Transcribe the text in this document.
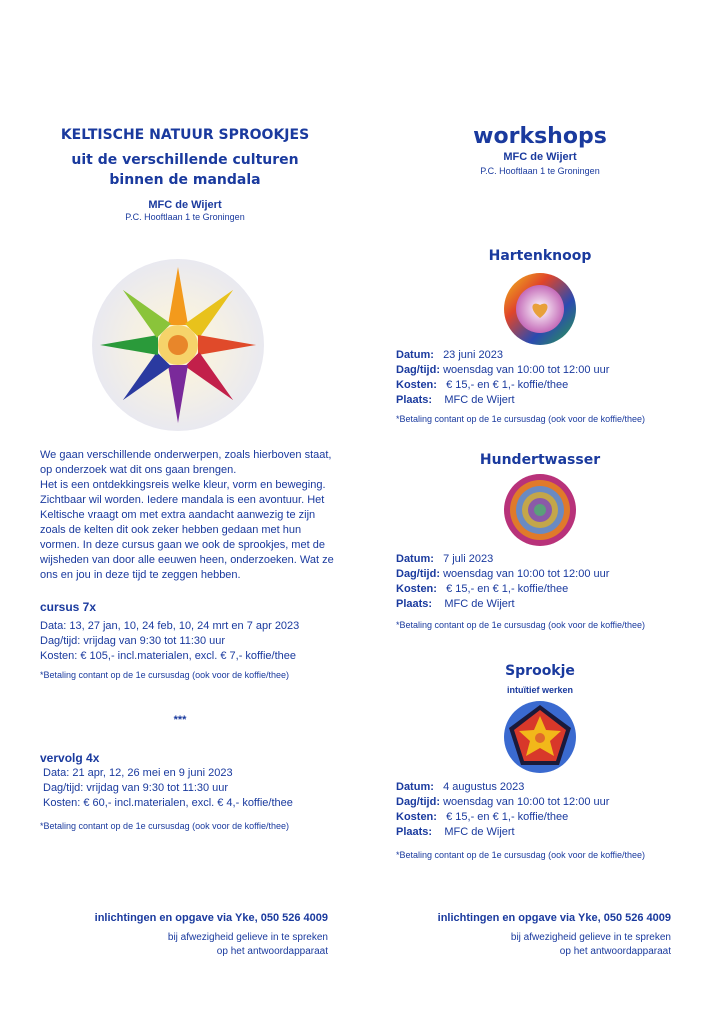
KELTISCHE NATUUR SPROOKJES
uit de verschillende culturen
binnen de mandala
MFC de Wijert
P.C. Hooftlaan 1 te Groningen
We gaan verschillende onderwerpen, zoals hierboven staat,
op onderzoek wat dit ons gaan brengen.
Het is een ontdekkingsreis welke kleur, vorm en beweging.
Zichtbaar wil worden. Iedere mandala is een avontuur. Het
Keltische vraagt om met extra aandacht aanwezig te zijn
zoals de kelten dit ook zeker hebben gedaan met hun
vormen. In deze cursus gaan we ook de sprookjes, met de
wijsheden van door alle eeuwen heen, onderzoeken. Wat ze
ons en jou in deze tijd te zeggen hebben.
cursus 7x
Data: 13, 27 jan, 10, 24 feb, 10, 24 mrt en 7 apr 2023
Dag/tijd: vrijdag van 9:30 tot 11:30 uur
Kosten: € 105,- incl.materialen, excl. € 7,- koffie/thee
*Betaling contant op de 1e cursusdag (ook voor de koffie/thee)
***
vervolg 4x
Data: 21 apr, 12, 26 mei en 9 juni 2023
Dag/tijd: vrijdag van 9:30 tot 11:30 uur
Kosten: € 60,- incl.materialen, excl. € 4,- koffie/thee
*Betaling contant op de 1e cursusdag (ook voor de koffie/thee)
inlichtingen en opgave via Yke, 050 526 4009
bij afwezigheid gelieve in te spreken
op het antwoordapparaat
workshops
MFC de Wijert
P.C. Hooftlaan 1 te Groningen
Hartenknoop
Datum: 23 juni 2023
Dag/tijd: woensdag van 10:00 tot 12:00 uur
Kosten: € 15,- en € 1,- koffie/thee
Plaats: MFC de Wijert
*Betaling contant op de 1e cursusdag (ook voor de koffie/thee)
Hundertwasser
Datum: 7 juli 2023
Dag/tijd: woensdag van 10:00 tot 12:00 uur
Kosten: € 15,- en € 1,- koffie/thee
Plaats: MFC de Wijert
*Betaling contant op de 1e cursusdag (ook voor de koffie/thee)
Sprookje
intuïtief werken
Datum: 4 augustus 2023
Dag/tijd: woensdag van 10:00 tot 12:00 uur
Kosten: € 15,- en € 1,- koffie/thee
Plaats: MFC de Wijert
*Betaling contant op de 1e cursusdag (ook voor de koffie/thee)
inlichtingen en opgave via Yke, 050 526 4009
bij afwezigheid gelieve in te spreken
op het antwoordapparaat
